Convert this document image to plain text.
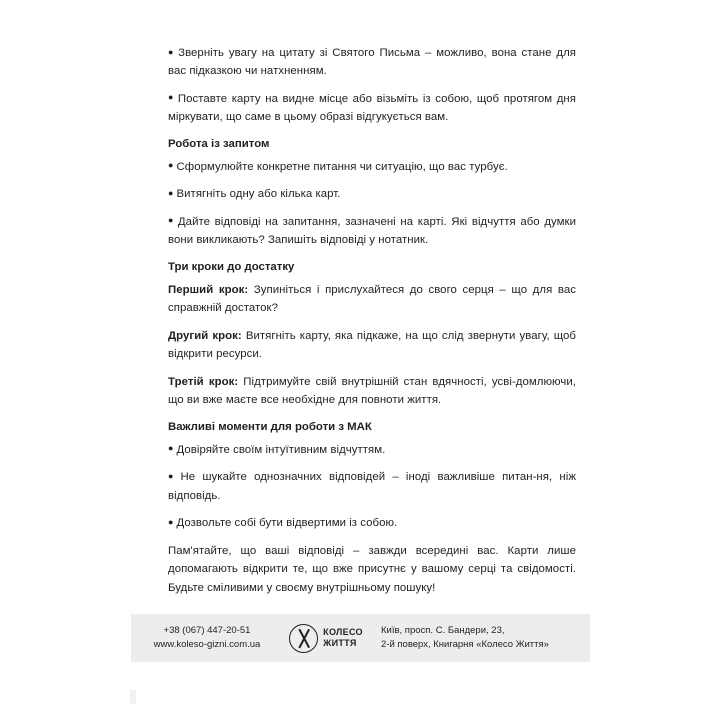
● Зверніть увагу на цитату зі Святого Письма – можливо, вона стане для вас підказкою чи натхненням.
● Поставте карту на видне місце або візьміть із собою, щоб протягом дня міркувати, що саме в цьому образі відгукується вам.
Робота із запитом
● Сформулюйте конкретне питання чи ситуацію, що вас турбує.
● Витягніть одну або кілька карт.
● Дайте відповіді на запитання, зазначені на карті. Які відчуття або думки вони викликають? Запишіть відповіді у нотатник.
Три кроки до достатку
Перший крок: Зупиніться і прислухайтеся до свого серця – що для вас справжній достаток?
Другий крок: Витягніть карту, яка підкаже, на що слід звернути увагу, щоб відкрити ресурси.
Третій крок: Підтримуйте свій внутрішній стан вдячності, усві-домлюючи, що ви вже маєте все необхідне для повноти життя.
Важливі моменти для роботи з МАК
● Довіряйте своїм інтуїтивним відчуттям.
● Не шукайте однозначних відповідей – іноді важливіше питан-ня, ніж відповідь.
● Дозвольте собі бути відвертими із собою.
Пам'ятайте, що ваші відповіді – завжди всередині вас. Карти лише допомагають відкрити те, що вже присутнє у вашому серці та свідомості. Будьте сміливими у своєму внутрішньому пошуку!
+38 (067) 447-20-51
www.koleso-gizni.com.ua
КОЛЕСО
ЖИТТЯ
Київ, просп. С. Бандери, 23,
2-й поверх, Книгарня «Колесо Життя»
